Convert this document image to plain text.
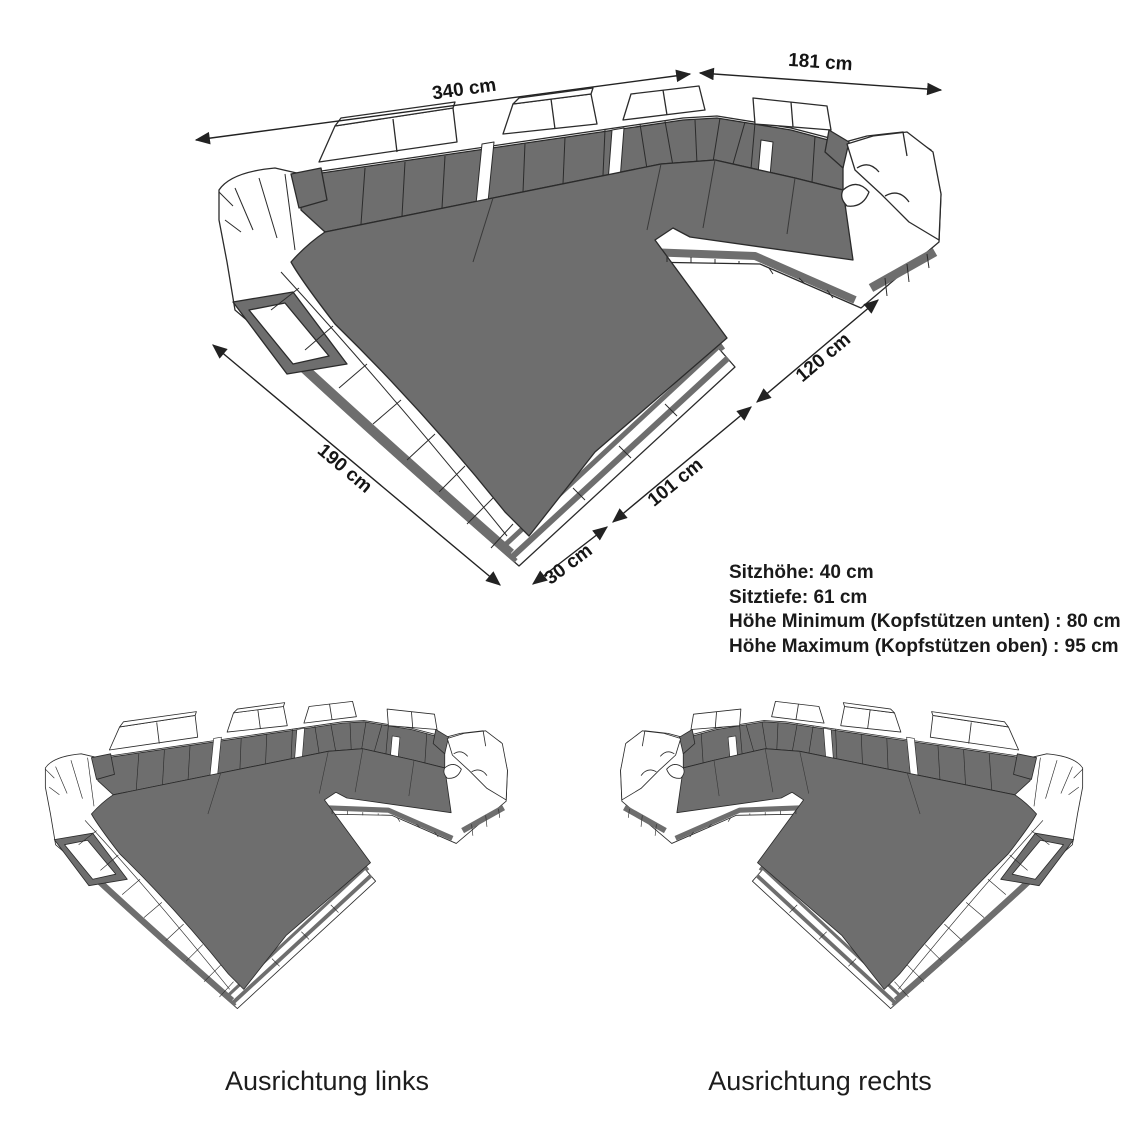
340 cm
181 cm
190 cm
30 cm
101 cm
120 cm
Sitzhöhe: 40 cm
Sitztiefe: 61 cm
Höhe Minimum (Kopfstützen unten) : 80 cm
Höhe Maximum (Kopfstützen oben) : 95 cm
Ausrichtung links	Ausrichtung rechts
